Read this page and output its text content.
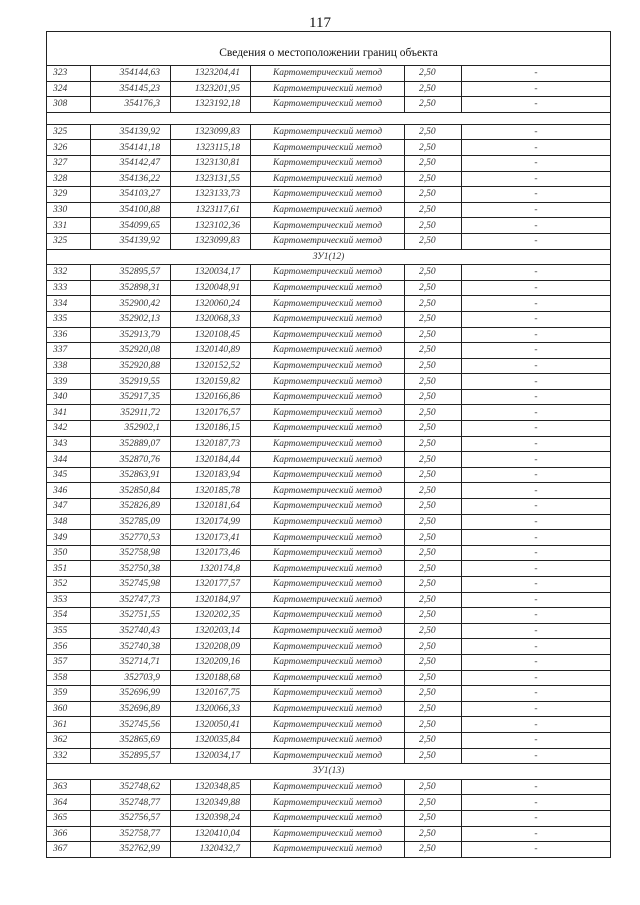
117
Сведения о местоположении границ объекта					
323	354144,63	1323204,41	Картометрический метод	2,50	-
324	354145,23	1323201,95	Картометрический метод	2,50	-
308	354176,3	1323192,18	Картометрический метод	2,50	-

325	354139,92	1323099,83	Картометрический метод	2,50	-
326	354141,18	1323115,18	Картометрический метод	2,50	-
327	354142,47	1323130,81	Картометрический метод	2,50	-
328	354136,22	1323131,55	Картометрический метод	2,50	-
329	354103,27	1323133,73	Картометрический метод	2,50	-
330	354100,88	1323117,61	Картометрический метод	2,50	-
331	354099,65	1323102,36	Картометрический метод	2,50	-
325	354139,92	1323099,83	Картометрический метод	2,50	-
ЗУ1(12)					
332	352895,57	1320034,17	Картометрический метод	2,50	-
333	352898,31	1320048,91	Картометрический метод	2,50	-
334	352900,42	1320060,24	Картометрический метод	2,50	-
335	352902,13	1320068,33	Картометрический метод	2,50	-
336	352913,79	1320108,45	Картометрический метод	2,50	-
337	352920,08	1320140,89	Картометрический метод	2,50	-
338	352920,88	1320152,52	Картометрический метод	2,50	-
339	352919,55	1320159,82	Картометрический метод	2,50	-
340	352917,35	1320166,86	Картометрический метод	2,50	-
341	352911,72	1320176,57	Картометрический метод	2,50	-
342	352902,1	1320186,15	Картометрический метод	2,50	-
343	352889,07	1320187,73	Картометрический метод	2,50	-
344	352870,76	1320184,44	Картометрический метод	2,50	-
345	352863,91	1320183,94	Картометрический метод	2,50	-
346	352850,84	1320185,78	Картометрический метод	2,50	-
347	352826,89	1320181,64	Картометрический метод	2,50	-
348	352785,09	1320174,99	Картометрический метод	2,50	-
349	352770,53	1320173,41	Картометрический метод	2,50	-
350	352758,98	1320173,46	Картометрический метод	2,50	-
351	352750,38	1320174,8	Картометрический метод	2,50	-
352	352745,98	1320177,57	Картометрический метод	2,50	-
353	352747,73	1320184,97	Картометрический метод	2,50	-
354	352751,55	1320202,35	Картометрический метод	2,50	-
355	352740,43	1320203,14	Картометрический метод	2,50	-
356	352740,38	1320208,09	Картометрический метод	2,50	-
357	352714,71	1320209,16	Картометрический метод	2,50	-
358	352703,9	1320188,68	Картометрический метод	2,50	-
359	352696,99	1320167,75	Картометрический метод	2,50	-
360	352696,89	1320066,33	Картометрический метод	2,50	-
361	352745,56	1320050,41	Картометрический метод	2,50	-
362	352865,69	1320035,84	Картометрический метод	2,50	-
332	352895,57	1320034,17	Картометрический метод	2,50	-
ЗУ1(13)					
363	352748,62	1320348,85	Картометрический метод	2,50	-
364	352748,77	1320349,88	Картометрический метод	2,50	-
365	352756,57	1320398,24	Картометрический метод	2,50	-
366	352758,77	1320410,04	Картометрический метод	2,50	-
367	352762,99	1320432,7	Картометрический метод	2,50	-
